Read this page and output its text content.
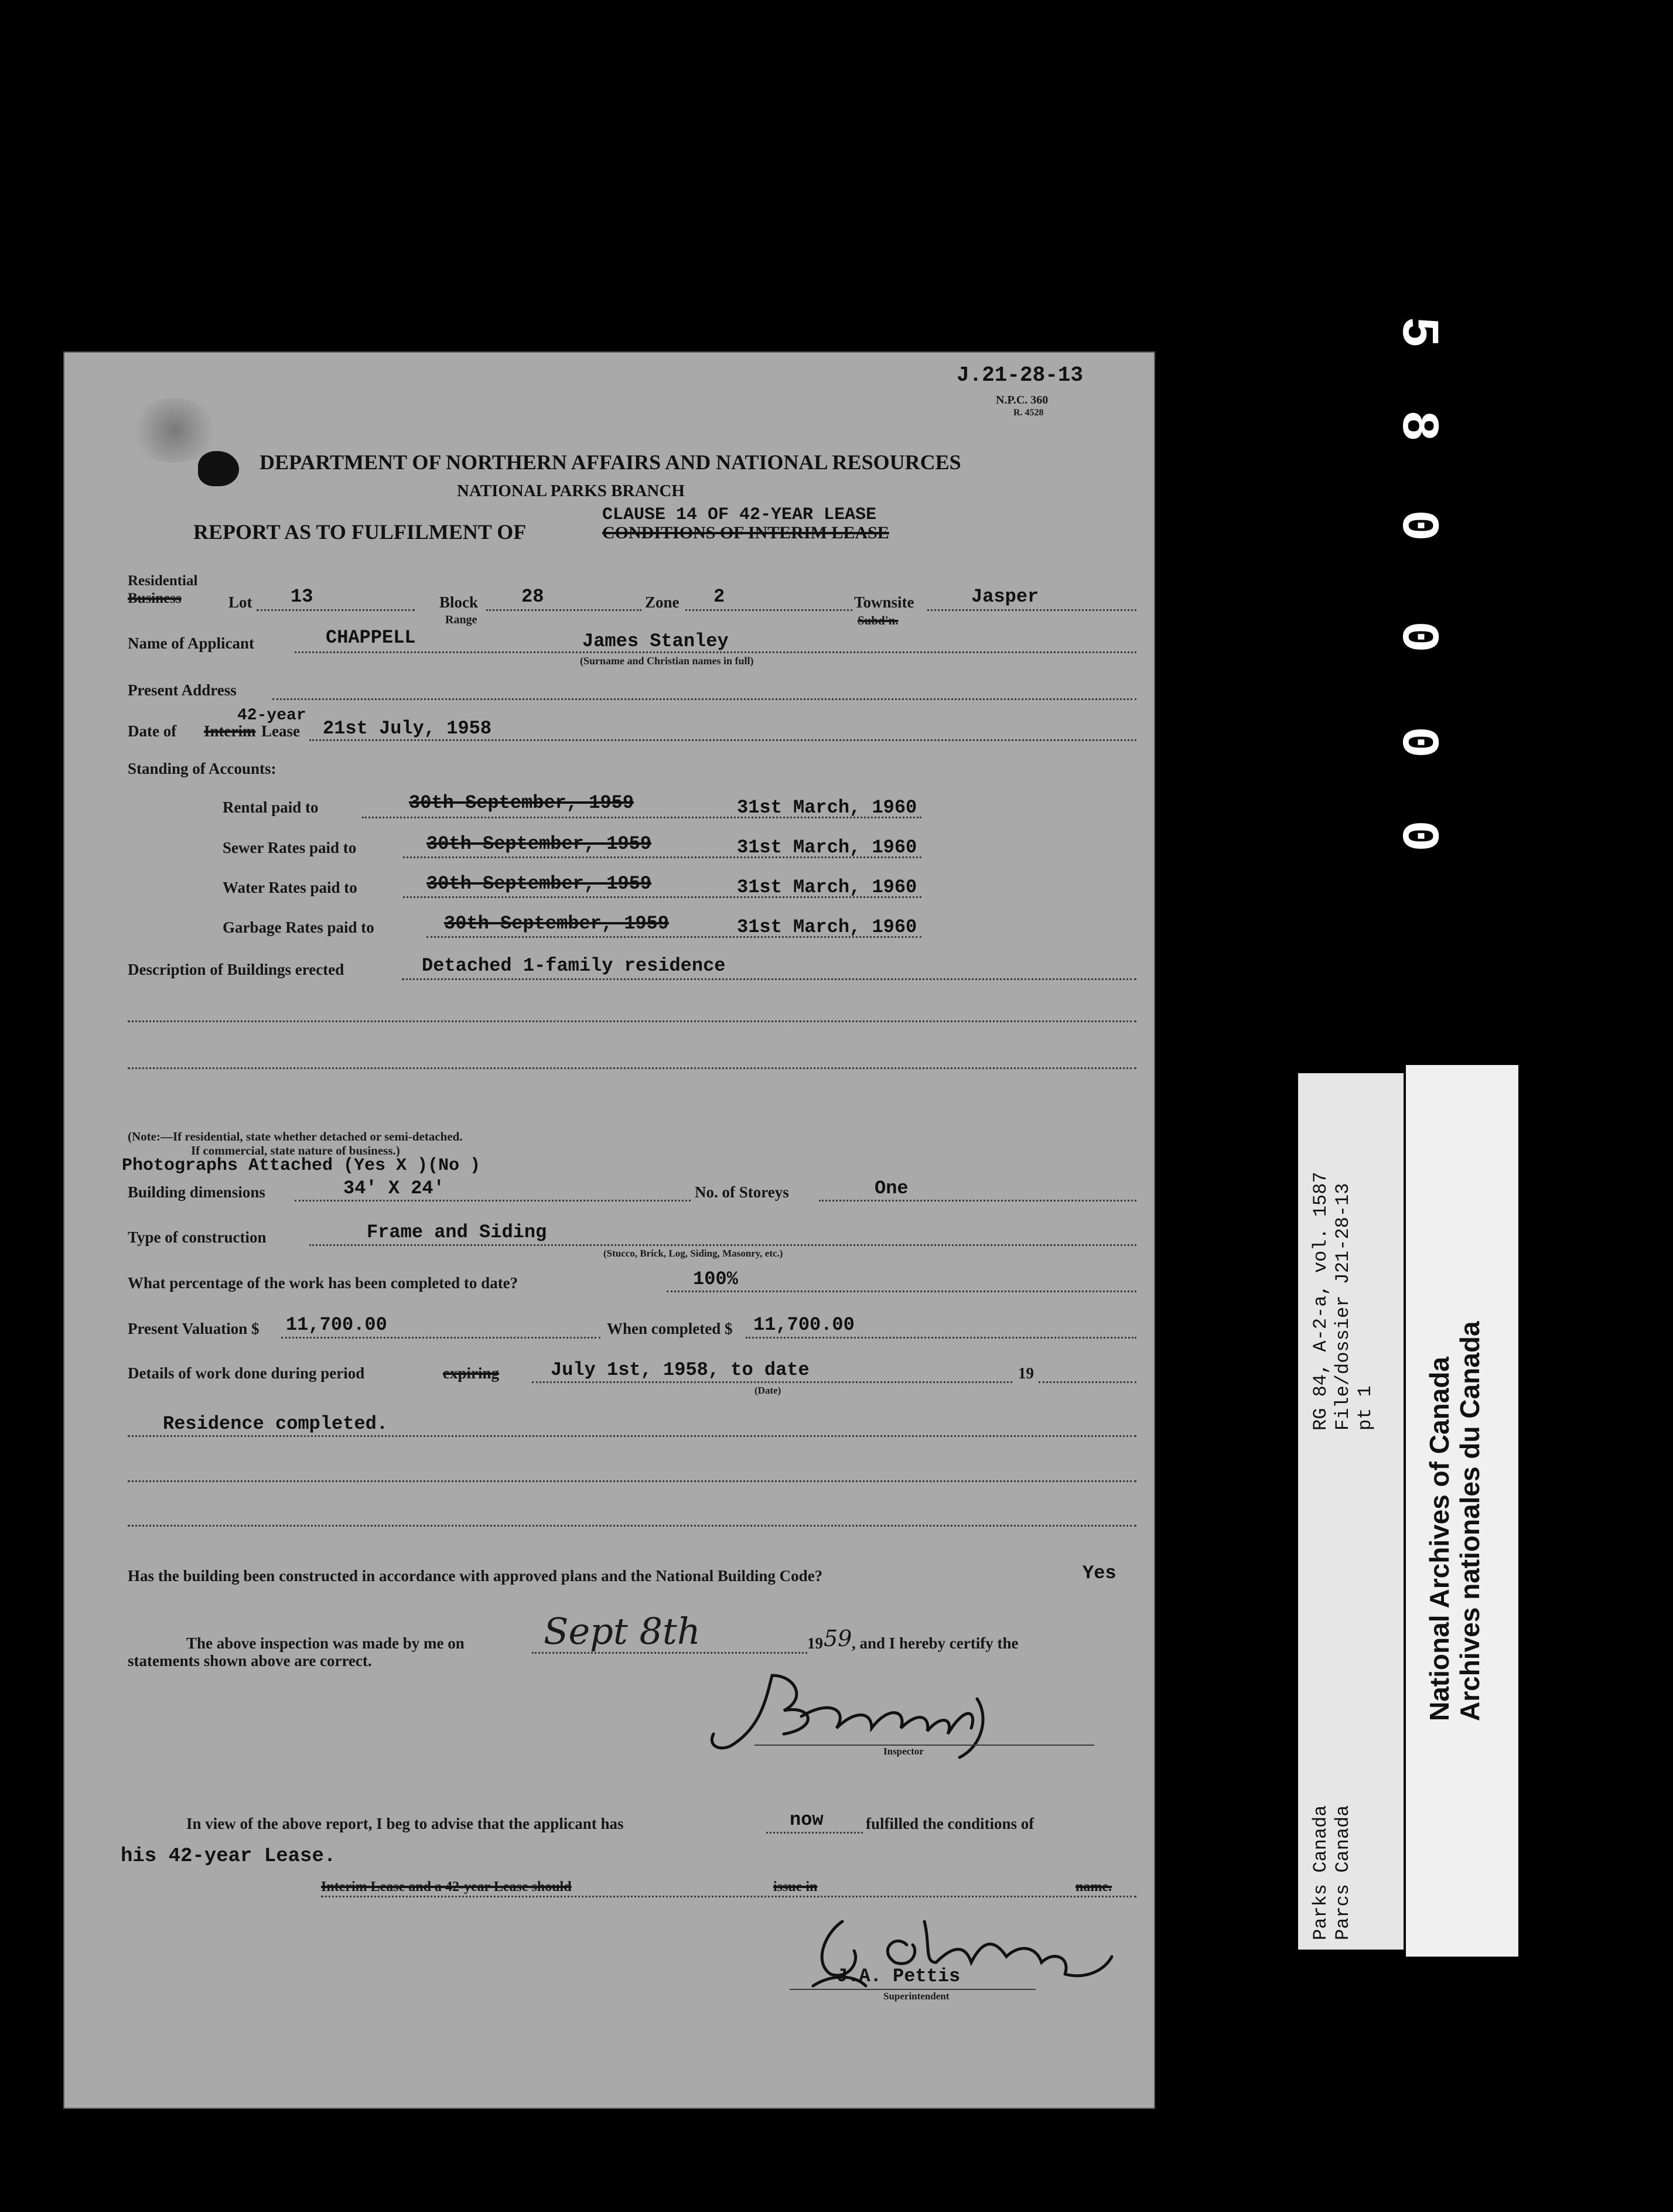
5
8
0
0
0
0
J.21-28-13
N.P.C. 360
R. 4528
DEPARTMENT OF NORTHERN AFFAIRS AND NATIONAL RESOURCES
NATIONAL PARKS BRANCH
REPORT AS TO FULFILMENT OF
CLAUSE 14 OF 42-YEAR LEASE
CONDITIONS OF INTERIM LEASE
Residential
Business	Lot 13	Block 28
Range
Zone 2	Townsite
Subd'n.
Jasper
Name of Applicant	CHAPPELL	James Stanley
(Surname and Christian names in full)
Present Address
42-year
Date of Interim Lease 21st July, 1958
Standing of Accounts:
Rental paid to	30th September, 1959	31st March, 1960
Sewer Rates paid to	30th September, 1959	31st March, 1960
Water Rates paid to	30th September, 1959	31st March, 1960
Garbage Rates paid to	30th September, 1959	31st March, 1960
Description of Buildings erected	Detached 1-family residence
(Note:—If residential, state whether detached or semi-detached.
If commercial, state nature of business.)
Photographs Attached (Yes X )(No )
Building dimensions	34' X 24'	No. of Storeys	One
Type of construction	Frame and Siding
(Stucco, Brick, Log, Siding, Masonry, etc.)
What percentage of the work has been completed to date?	100%
Present Valuation $ 11,700.00	When completed $ 11,700.00
Details of work done during period	expiring	July 1st, 1958, to date	19
(Date)
Residence completed.
Has the building been constructed in accordance with approved plans and the National Building Code?	Yes
The above inspection was made by me on Sept 8th	19 59 , and I hereby certify the
statements shown above are correct.
Inspector
In view of the above report, I beg to advise that the applicant has	now	fulfilled the conditions of
his 42-year Lease.
Interim Lease and a 42-year Lease should	issue in	name.
J.A. Pettis
Superintendent
RG 84, A-2-a, vol. 1587 File/dossier J21-28-13 pt 1
Parks Canada Parcs Canada
National Archives of Canada Archives nationales du Canada
